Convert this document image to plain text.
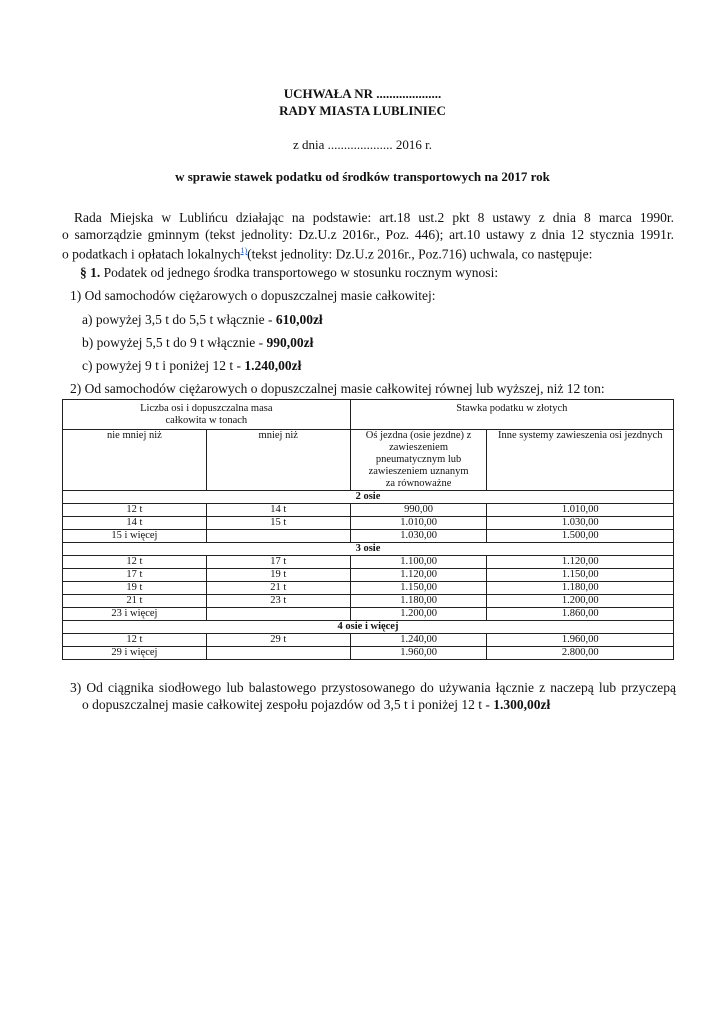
UCHWAŁA NR ....................
RADY MIASTA LUBLINIEC
z dnia .................... 2016 r.
w sprawie stawek podatku od środków transportowych na 2017 rok
Rada Miejska w Lublińcu działając na podstawie: art.18 ust.2 pkt 8 ustawy z dnia 8 marca 1990r.
o samorządzie gminnym (tekst jednolity: Dz.U.z 2016r., Poz. 446); art.10 ustawy z dnia 12 stycznia 1991r.
o podatkach i opłatach lokalnych$^{1)}$(tekst jednolity: Dz.U.z 2016r., Poz.716) uchwala, co następuje:
§ 1. Podatek od jednego środka transportowego w stosunku rocznym wynosi:
1) Od samochodów ciężarowych o dopuszczalnej masie całkowitej:
a) powyżej 3,5 t do 5,5 t włącznie - 610,00zł
b) powyżej 5,5 t do 9 t włącznie - 990,00zł
c) powyżej 9 t i poniżej 12 t - 1.240,00zł
2) Od samochodów ciężarowych o dopuszczalnej masie całkowitej równej lub wyższej, niż 12 ton:
Liczba osi i dopuszczalna masa całkowita w tonach		Stawka podatku w złotych	
nie mniej niż	mniej niż	Oś jezdna (osie jezdne) z zawieszeniem pneumatycznym lub zawieszeniem uznanym za równoważne	Inne systemy zawieszenia osi jezdnych
2 osie			
12 t	14 t	990,00	1.010,00
14 t	15 t	1.010,00	1.030,00
15 i więcej		1.030,00	1.500,00
3 osie			
12 t	17 t	1.100,00	1.120,00
17 t	19 t	1.120,00	1.150,00
19 t	21 t	1.150,00	1.180,00
21 t	23 t	1.180,00	1.200,00
23 i więcej		1.200,00	1.860,00
4 osie i więcej			
12 t	29 t	1.240,00	1.960,00
29 i więcej		1.960,00	2.800,00
3) Od ciągnika siodłowego lub balastowego przystosowanego do używania łącznie z naczepą lub przyczepą
o dopuszczalnej masie całkowitej zespołu pojazdów od 3,5 t i poniżej 12 t - 1.300,00zł
